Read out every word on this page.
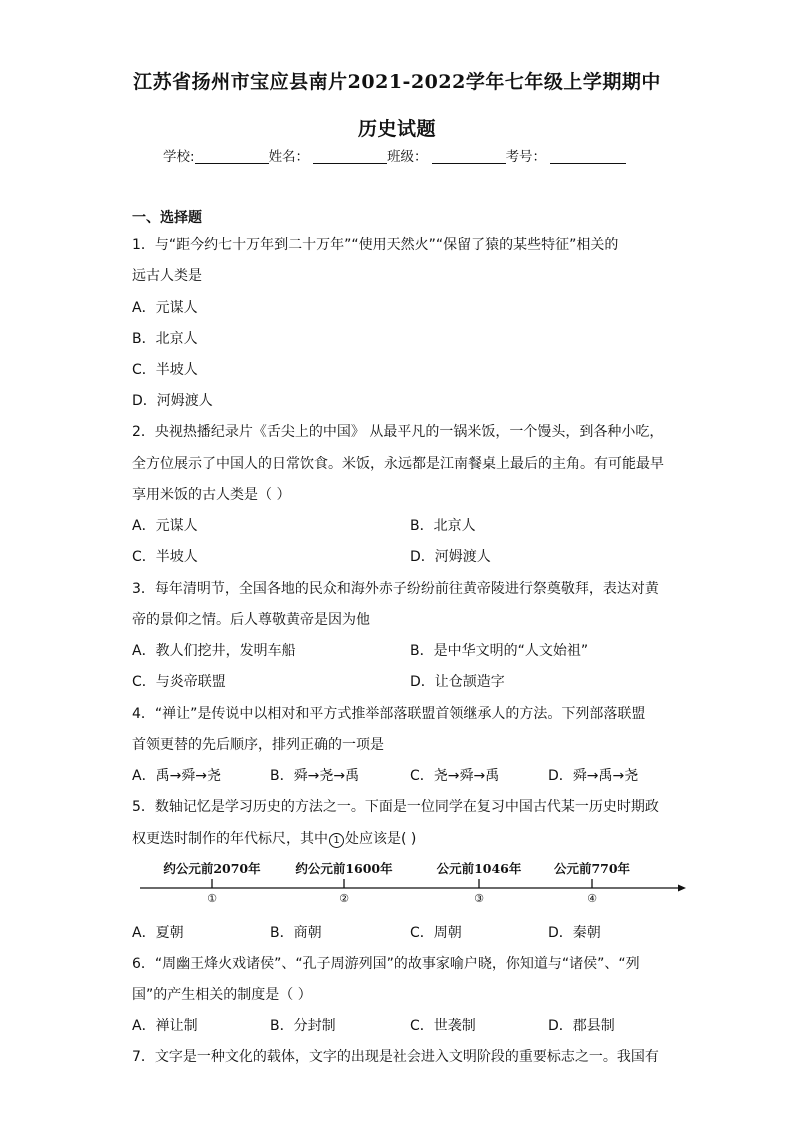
江苏省扬州市宝应县南片2021-2022学年七年级上学期期中
历史试题
学校:	姓名：	班级：	考号：
一、选择题
1．与“距今约七十万年到二十万年”“使用天然火”“保留了猿的某些特征”相关的
远古人类是
A．元谋人
B．北京人
C．半坡人
D．河姆渡人
2．央视热播纪录片《舌尖上的中国》 从最平凡的一锅米饭，一个馒头，到各种小吃，
全方位展示了中国人的日常饮食。米饭，永远都是江南餐桌上最后的主角。有可能最早
享用米饭的古人类是（ ）
A．元谋人	B．北京人
C．半坡人	D．河姆渡人
3．每年清明节，全国各地的民众和海外赤子纷纷前往黄帝陵进行祭奠敬拜，表达对黄
帝的景仰之情。后人尊敬黄帝是因为他
A．教人们挖井，发明车船	B．是中华文明的“人文始祖”
C．与炎帝联盟	D．让仓颉造字
4．“禅让”是传说中以相对和平方式推举部落联盟首领继承人的方法。下列部落联盟
首领更替的先后顺序，排列正确的一项是
A．禹→舜→尧	B．舜→尧→禹	C．尧→舜→禹	D．舜→禹→尧
5．数轴记忆是学习历史的方法之一。下面是一位同学在复习中国古代某一历史时期政
权更迭时制作的年代标尺，其中 1 处应该是( )
约公元前2070年
①
约公元前1600年
②
公元前1046年
③
公元前770年
④
A．夏朝	B．商朝	C．周朝	D．秦朝
6．“周幽王烽火戏诸侯”、“孔子周游列国”的故事家喻户晓，你知道与“诸侯”、“列
国”的产生相关的制度是（ ）
A．禅让制	B．分封制	C．世袭制	D．郡县制
7．文字是一种文化的载体，文字的出现是社会进入文明阶段的重要标志之一。我国有
